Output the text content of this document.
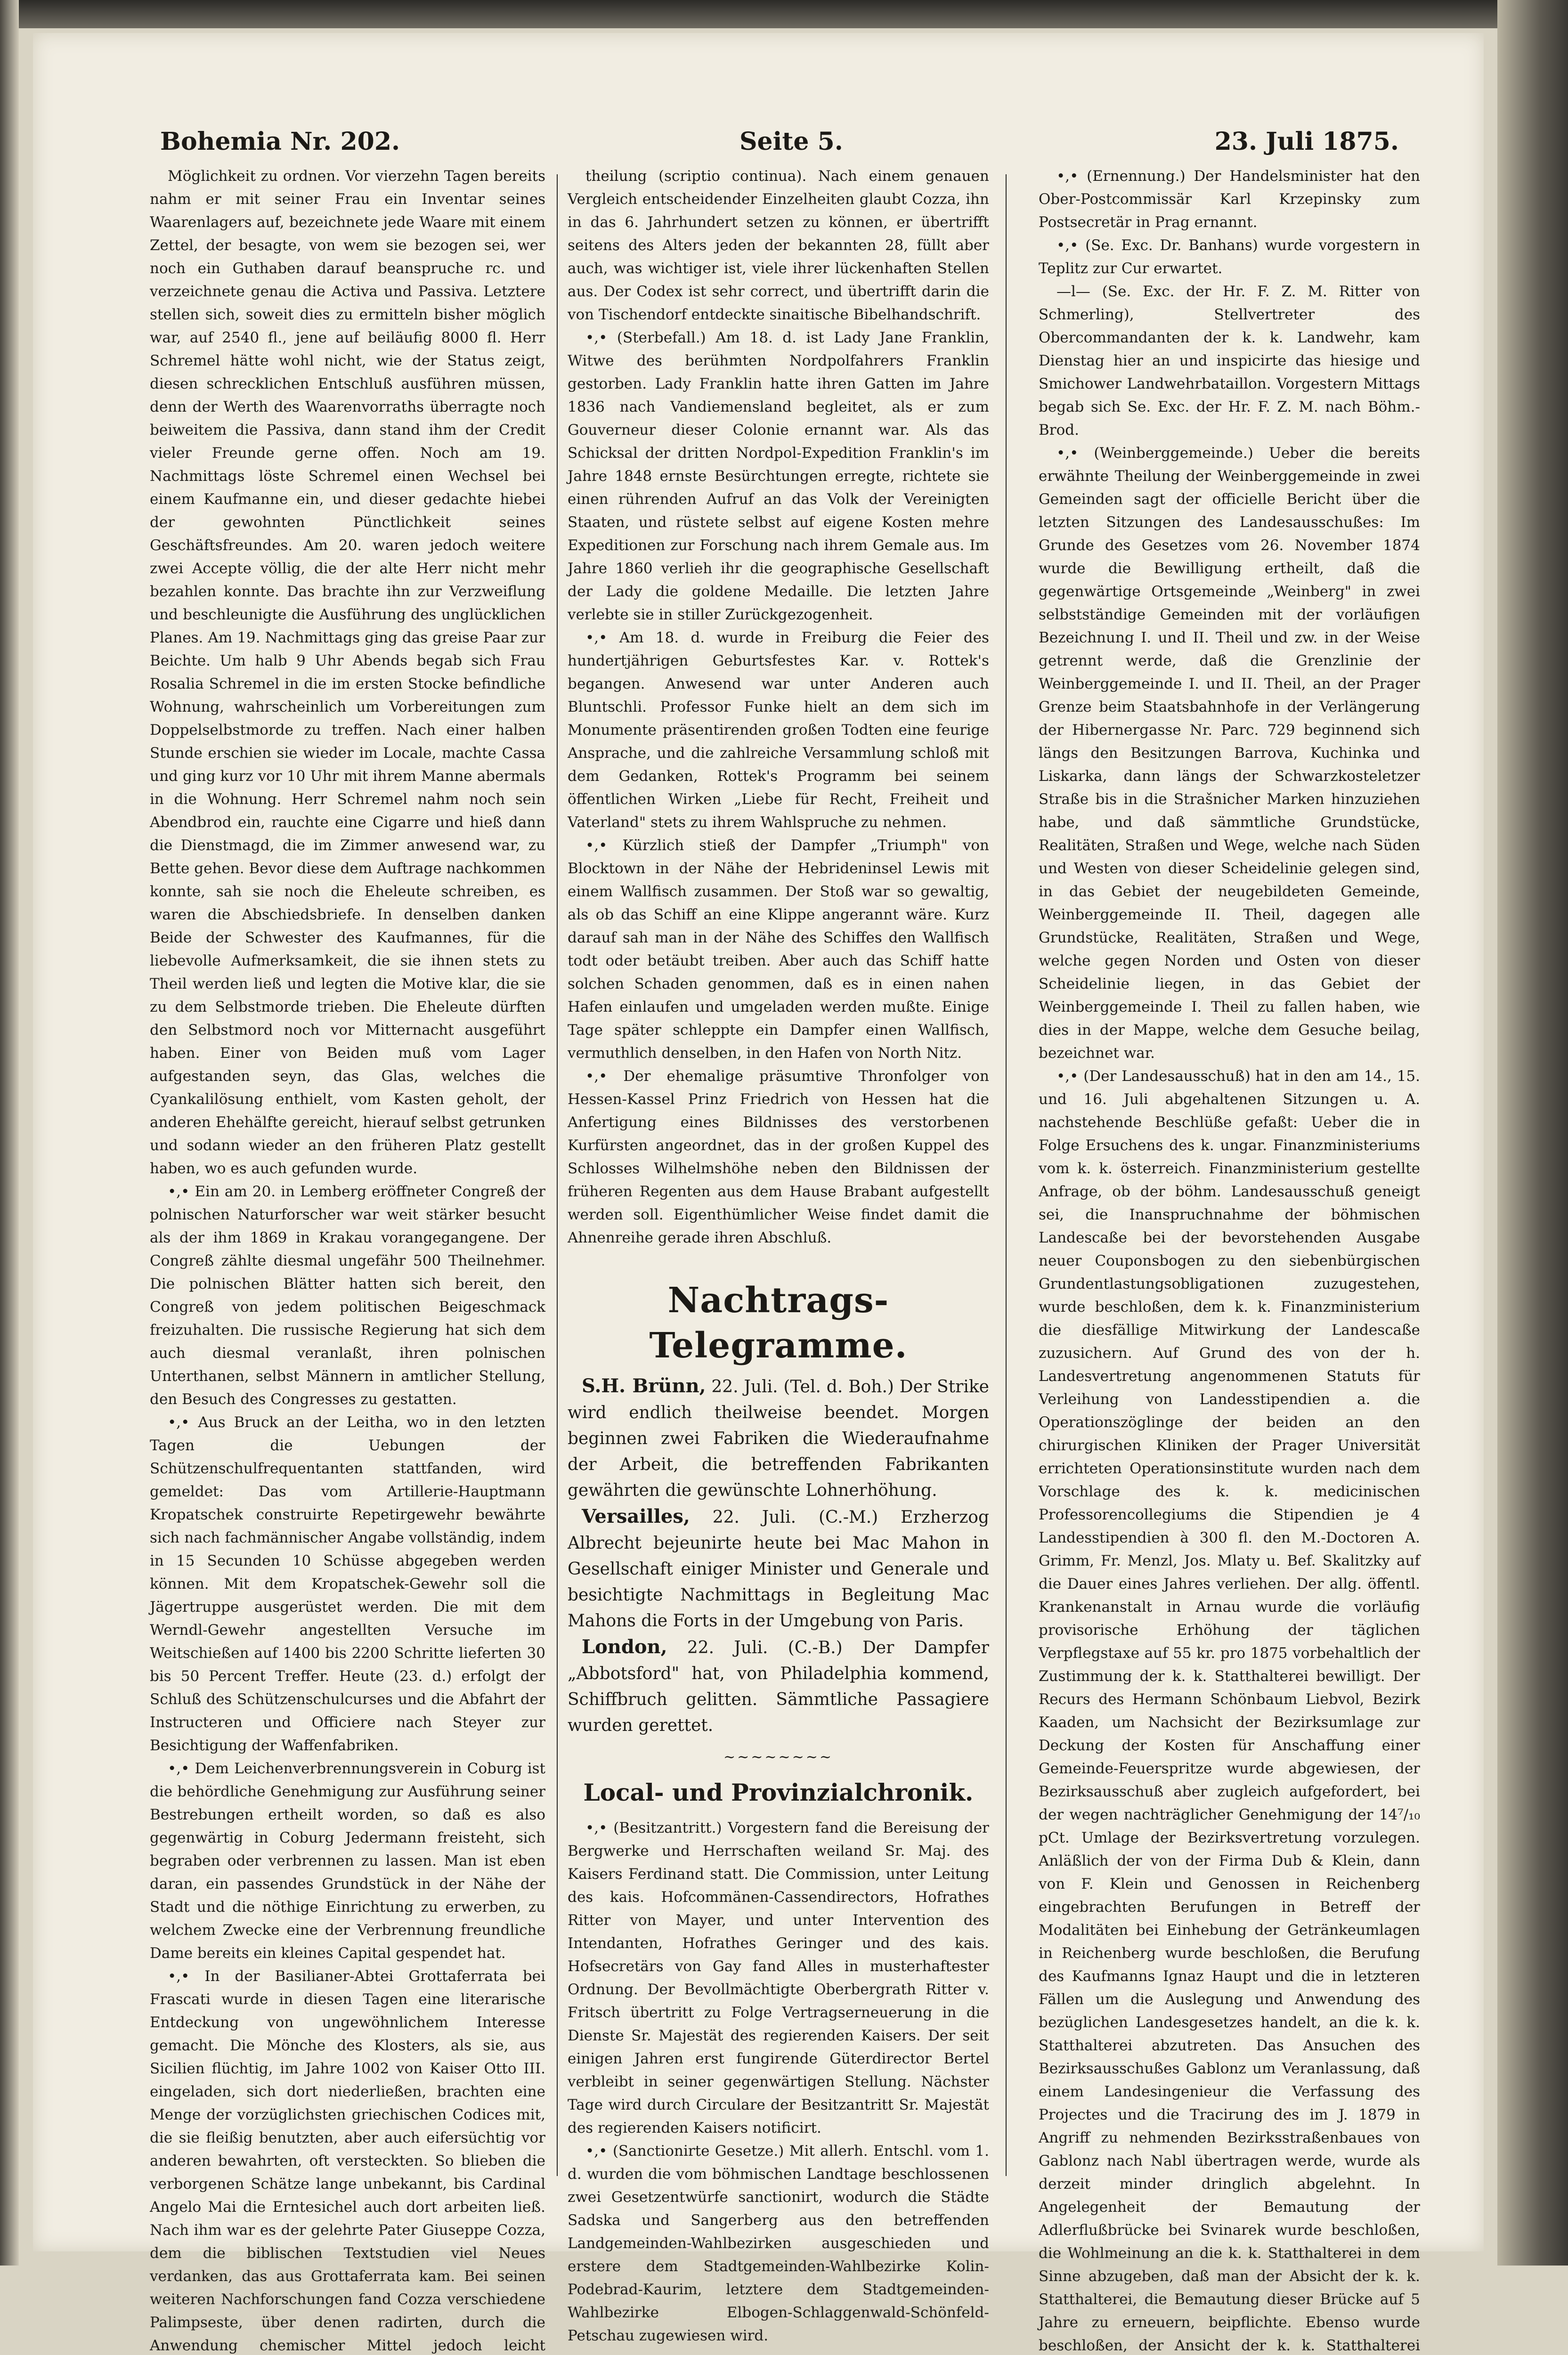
Bohemia Nr. 202.	Seite 5.	23. Juli 1875.

Möglichkeit zu ordnen. Vor vierzehn Tagen bereits nahm er mit seiner Frau ein Inventar seines Waarenlagers auf, bezeichnete jede Waare mit einem Zettel, der besagte, von wem sie bezogen sei, wer noch ein Guthaben darauf beanspruche rc. und verzeichnete genau die Activa und Passiva. Letztere stellen sich, soweit dies zu ermitteln bisher möglich war, auf 2540 fl., jene auf beiläufig 8000 fl. Herr Schremel hätte wohl nicht, wie der Status zeigt, diesen schrecklichen Entschluß ausführen müssen, denn der Werth des Waarenvorraths überragte noch beiweitem die Passiva, dann stand ihm der Credit vieler Freunde gerne offen. Noch am 19. Nachmittags löste Schremel einen Wechsel bei einem Kaufmanne ein, und dieser gedachte hiebei der gewohnten Pünctlichkeit seines Geschäftsfreundes. Am 20. waren jedoch weitere zwei Accepte völlig, die der alte Herr nicht mehr bezahlen konnte. Das brachte ihn zur Verzweiflung und beschleunigte die Ausführung des unglücklichen Planes. Am 19. Nachmittags ging das greise Paar zur Beichte. Um halb 9 Uhr Abends begab sich Frau Rosalia Schremel in die im ersten Stocke befindliche Wohnung, wahrscheinlich um Vorbereitungen zum Doppelselbstmorde zu treffen. Nach einer halben Stunde erschien sie wieder im Locale, machte Cassa und ging kurz vor 10 Uhr mit ihrem Manne abermals in die Wohnung. Herr Schremel nahm noch sein Abendbrod ein, rauchte eine Cigarre und hieß dann die Dienstmagd, die im Zimmer anwesend war, zu Bette gehen. Bevor diese dem Auftrage nachkommen konnte, sah sie noch die Eheleute schreiben, es waren die Abschiedsbriefe. In denselben danken Beide der Schwester des Kaufmannes, für die liebevolle Aufmerksamkeit, die sie ihnen stets zu Theil werden ließ und legten die Motive klar, die sie zu dem Selbstmorde trieben. Die Eheleute dürften den Selbstmord noch vor Mitternacht ausgeführt haben. Einer von Beiden muß vom Lager aufgestanden seyn, das Glas, welches die Cyankalilösung enthielt, vom Kasten geholt, der anderen Ehehälfte gereicht, hierauf selbst getrunken und sodann wieder an den früheren Platz gestellt haben, wo es auch gefunden wurde.

•,• Ein am 20. in Lemberg eröffneter Congreß der polnischen Naturforscher war weit stärker besucht als der ihm 1869 in Krakau vorangegangene. Der Congreß zählte diesmal ungefähr 500 Theilnehmer. Die polnischen Blätter hatten sich bereit, den Congreß von jedem politischen Beigeschmack freizuhalten. Die russische Regierung hat sich dem auch diesmal veranlaßt, ihren polnischen Unterthanen, selbst Männern in amtlicher Stellung, den Besuch des Congresses zu gestatten.

•,• Aus Bruck an der Leitha, wo in den letzten Tagen die Uebungen der Schützenschulfrequentanten stattfanden, wird gemeldet: Das vom Artillerie-Hauptmann Kropatschek construirte Repetirgewehr bewährte sich nach fachmännischer Angabe vollständig, indem in 15 Secunden 10 Schüsse abgegeben werden können. Mit dem Kropatschek-Gewehr soll die Jägertruppe ausgerüstet werden. Die mit dem Werndl-Gewehr angestellten Versuche im Weitschießen auf 1400 bis 2200 Schritte lieferten 30 bis 50 Percent Treffer. Heute (23. d.) erfolgt der Schluß des Schützenschulcurses und die Abfahrt der Instructeren und Officiere nach Steyer zur Besichtigung der Waffenfabriken.

•,• Dem Leichenverbrennungsverein in Coburg ist die behördliche Genehmigung zur Ausführung seiner Bestrebungen ertheilt worden, so daß es also gegenwärtig in Coburg Jedermann freisteht, sich begraben oder verbrennen zu lassen. Man ist eben daran, ein passendes Grundstück in der Nähe der Stadt und die nöthige Einrichtung zu erwerben, zu welchem Zwecke eine der Verbrennung freundliche Dame bereits ein kleines Capital gespendet hat.

•,• In der Basilianer-Abtei Grottaferrata bei Frascati wurde in diesen Tagen eine literarische Entdeckung von ungewöhnlichem Interesse gemacht. Die Mönche des Klosters, als sie, aus Sicilien flüchtig, im Jahre 1002 von Kaiser Otto III. eingeladen, sich dort niederließen, brachten eine Menge der vorzüglichsten griechischen Codices mit, die sie fleißig benutzten, aber auch eifersüchtig vor anderen bewahrten, oft versteckten. So blieben die verborgenen Schätze lange unbekannt, bis Cardinal Angelo Mai die Erntesichel auch dort arbeiten ließ. Nach ihm war es der gelehrte Pater Giuseppe Cozza, dem die biblischen Textstudien viel Neues verdanken, das aus Grottaferrata kam. Bei seinen weiteren Nachforschungen fand Cozza verschiedene Palimpseste, über denen radirten, durch die Anwendung chemischer Mittel jedoch leicht

theilung (scriptio continua). Nach einem genauen Vergleich entscheidender Einzelheiten glaubt Cozza, ihn in das 6. Jahrhundert setzen zu können, er übertrifft seitens des Alters jeden der bekannten 28, füllt aber auch, was wichtiger ist, viele ihrer lückenhaften Stellen aus. Der Codex ist sehr correct, und übertrifft darin die von Tischendorf entdeckte sinaitische Bibelhandschrift.

•,• (Sterbefall.) Am 18. d. ist Lady Jane Franklin, Witwe des berühmten Nordpolfahrers Franklin gestorben. Lady Franklin hatte ihren Gatten im Jahre 1836 nach Vandiemensland begleitet, als er zum Gouverneur dieser Colonie ernannt war. Als das Schicksal der dritten Nordpol-Expedition Franklin's im Jahre 1848 ernste Besürchtungen erregte, richtete sie einen rührenden Aufruf an das Volk der Vereinigten Staaten, und rüstete selbst auf eigene Kosten mehre Expeditionen zur Forschung nach ihrem Gemale aus. Im Jahre 1860 verlieh ihr die geographische Gesellschaft der Lady die goldene Medaille. Die letzten Jahre verlebte sie in stiller Zurückgezogenheit.

•,• Am 18. d. wurde in Freiburg die Feier des hundertjährigen Geburtsfestes Kar. v. Rottek's begangen. Anwesend war unter Anderen auch Bluntschli. Professor Funke hielt an dem sich im Monumente präsentirenden großen Todten eine feurige Ansprache, und die zahlreiche Versammlung schloß mit dem Gedanken, Rottek's Programm bei seinem öffentlichen Wirken „Liebe für Recht, Freiheit und Vaterland" stets zu ihrem Wahlspruche zu nehmen.

•,• Kürzlich stieß der Dampfer „Triumph" von Blocktown in der Nähe der Hebrideninsel Lewis mit einem Wallfisch zusammen. Der Stoß war so gewaltig, als ob das Schiff an eine Klippe angerannt wäre. Kurz darauf sah man in der Nähe des Schiffes den Wallfisch todt oder betäubt treiben. Aber auch das Schiff hatte solchen Schaden genommen, daß es in einen nahen Hafen einlaufen und umgeladen werden mußte. Einige Tage später schleppte ein Dampfer einen Wallfisch, vermuthlich denselben, in den Hafen von North Nitz.

•,• Der ehemalige präsumtive Thronfolger von Hessen-Kassel Prinz Friedrich von Hessen hat die Anfertigung eines Bildnisses des verstorbenen Kurfürsten angeordnet, das in der großen Kuppel des Schlosses Wilhelmshöhe neben den Bildnissen der früheren Regenten aus dem Hause Brabant aufgestellt werden soll. Eigenthümlicher Weise findet damit die Ahnenreihe gerade ihren Abschluß.

Nachtrags-Telegramme.

S.H. Brünn, 22. Juli. (Tel. d. Boh.) Der Strike wird endlich theilweise beendet. Morgen beginnen zwei Fabriken die Wiederaufnahme der Arbeit, die betreffenden Fabrikanten gewährten die gewünschte Lohnerhöhung.

Versailles, 22. Juli. (C.-M.) Erzherzog Albrecht bejeunirte heute bei Mac Mahon in Gesellschaft einiger Minister und Generale und besichtigte Nachmittags in Begleitung Mac Mahons die Forts in der Umgebung von Paris.

London, 22. Juli. (C.-B.) Der Dampfer „Abbotsford" hat, von Philadelphia kommend, Schiffbruch gelitten. Sämmtliche Passagiere wurden gerettet.

~~~~~~~~
Local- und Provinzialchronik.

•,• (Besitzantritt.) Vorgestern fand die Bereisung der Bergwerke und Herrschaften weiland Sr. Maj. des Kaisers Ferdinand statt. Die Commission, unter Leitung des kais. Hofcommänen-Cassendirectors, Hofrathes Ritter von Mayer, und unter Intervention des Intendanten, Hofrathes Geringer und des kais. Hofsecretärs von Gay fand Alles in musterhaftester Ordnung. Der Bevollmächtigte Oberbergrath Ritter v. Fritsch übertritt zu Folge Vertragserneuerung in die Dienste Sr. Majestät des regierenden Kaisers. Der seit einigen Jahren erst fungirende Güterdirector Bertel verbleibt in seiner gegenwärtigen Stellung. Nächster Tage wird durch Circulare der Besitzantritt Sr. Majestät des regierenden Kaisers notificirt.

•,• (Sanctionirte Gesetze.) Mit allerh. Entschl. vom 1. d. wurden die vom böhmischen Landtage beschlossenen zwei Gesetzentwürfe sanctionirt, wodurch die Städte Sadska und Sangerberg aus den betreffenden Landgemeinden-Wahlbezirken ausgeschieden und erstere dem Stadtgemeinden-Wahlbezirke Kolin-Podebrad-Kaurim, letztere dem Stadtgemeinden-Wahlbezirke Elbogen-Schlaggenwald-Schönfeld-Petschau zugewiesen wird.

•,• (Ernennung.) Der Handelsminister hat den Ober-Postcommissär Karl Krzepinsky zum Postsecretär in Prag ernannt.

•,• (Se. Exc. Dr. Banhans) wurde vorgestern in Teplitz zur Cur erwartet.

—l— (Se. Exc. der Hr. F. Z. M. Ritter von Schmerling), Stellvertreter des Obercommandanten der k. k. Landwehr, kam Dienstag hier an und inspicirte das hiesige und Smichower Landwehrbataillon. Vorgestern Mittags begab sich Se. Exc. der Hr. F. Z. M. nach Böhm.-Brod.

•,• (Weinberggemeinde.) Ueber die bereits erwähnte Theilung der Weinberggemeinde in zwei Gemeinden sagt der officielle Bericht über die letzten Sitzungen des Landesausschußes: Im Grunde des Gesetzes vom 26. November 1874 wurde die Bewilligung ertheilt, daß die gegenwärtige Ortsgemeinde „Weinberg" in zwei selbstständige Gemeinden mit der vorläufigen Bezeichnung I. und II. Theil und zw. in der Weise getrennt werde, daß die Grenzlinie der Weinberggemeinde I. und II. Theil, an der Prager Grenze beim Staatsbahnhofe in der Verlängerung der Hibernergasse Nr. Parc. 729 beginnend sich längs den Besitzungen Barrova, Kuchinka und Liskarka, dann längs der Schwarzkosteletzer Straße bis in die Strašnicher Marken hinzuziehen habe, und daß sämmtliche Grundstücke, Realitäten, Straßen und Wege, welche nach Süden und Westen von dieser Scheidelinie gelegen sind, in das Gebiet der neugebildeten Gemeinde, Weinberggemeinde II. Theil, dagegen alle Grundstücke, Realitäten, Straßen und Wege, welche gegen Norden und Osten von dieser Scheidelinie liegen, in das Gebiet der Weinberggemeinde I. Theil zu fallen haben, wie dies in der Mappe, welche dem Gesuche beilag, bezeichnet war.

•,• (Der Landesausschuß) hat in den am 14., 15. und 16. Juli abgehaltenen Sitzungen u. A. nachstehende Beschlüße gefaßt: Ueber die in Folge Ersuchens des k. ungar. Finanzministeriums vom k. k. österreich. Finanzministerium gestellte Anfrage, ob der böhm. Landesausschuß geneigt sei, die Inanspruchnahme der böhmischen Landescaße bei der bevorstehenden Ausgabe neuer Couponsbogen zu den siebenbürgischen Grundentlastungsobligationen zuzugestehen, wurde beschloßen, dem k. k. Finanzministerium die diesfällige Mitwirkung der Landescaße zuzusichern. Auf Grund des von der h. Landesvertretung angenommenen Statuts für Verleihung von Landesstipendien a. die Operationszöglinge der beiden an den chirurgischen Kliniken der Prager Universität errichteten Operationsinstitute wurden nach dem Vorschlage des k. k. medicinischen Professorencollegiums die Stipendien je 4 Landesstipendien à 300 fl. den M.-Doctoren A. Grimm, Fr. Menzl, Jos. Mlaty u. Bef. Skalitzky auf die Dauer eines Jahres verliehen. Der allg. öffentl. Krankenanstalt in Arnau wurde die vorläufig provisorische Erhöhung der täglichen Verpflegstaxe auf 55 kr. pro 1875 vorbehaltlich der Zustimmung der k. k. Statthalterei bewilligt. Der Recurs des Hermann Schönbaum Liebvol, Bezirk Kaaden, um Nachsicht der Bezirksumlage zur Deckung der Kosten für Anschaffung einer Gemeinde-Feuerspritze wurde abgewiesen, der Bezirksausschuß aber zugleich aufgefordert, bei der wegen nachträglicher Genehmigung der 14⁷/₁₀ pCt. Umlage der Bezirksvertretung vorzulegen. Anläßlich der von der Firma Dub & Klein, dann von F. Klein und Genossen in Reichenberg eingebrachten Berufungen in Betreff der Modalitäten bei Einhebung der Getränkeumlagen in Reichenberg wurde beschloßen, die Berufung des Kaufmanns Ignaz Haupt und die in letzteren Fällen um die Auslegung und Anwendung des bezüglichen Landesgesetzes handelt, an die k. k. Statthalterei abzutreten. Das Ansuchen des Bezirksausschußes Gablonz um Veranlassung, daß einem Landesingenieur die Verfassung des Projectes und die Tracirung des im J. 1879 in Angriff zu nehmenden Bezirksstraßenbaues von Gablonz nach Nabl übertragen werde, wurde als derzeit minder dringlich abgelehnt. In Angelegenheit der Bemautung der Adlerflußbrücke bei Svinarek wurde beschloßen, die Wohlmeinung an die k. k. Statthalterei in dem Sinne abzugeben, daß man der Absicht der k. k. Statthalterei, die Bemautung dieser Brücke auf 5 Jahre zu erneuern, beipflichte. Ebenso wurde beschloßen, der Ansicht der k. k. Statthalterei
